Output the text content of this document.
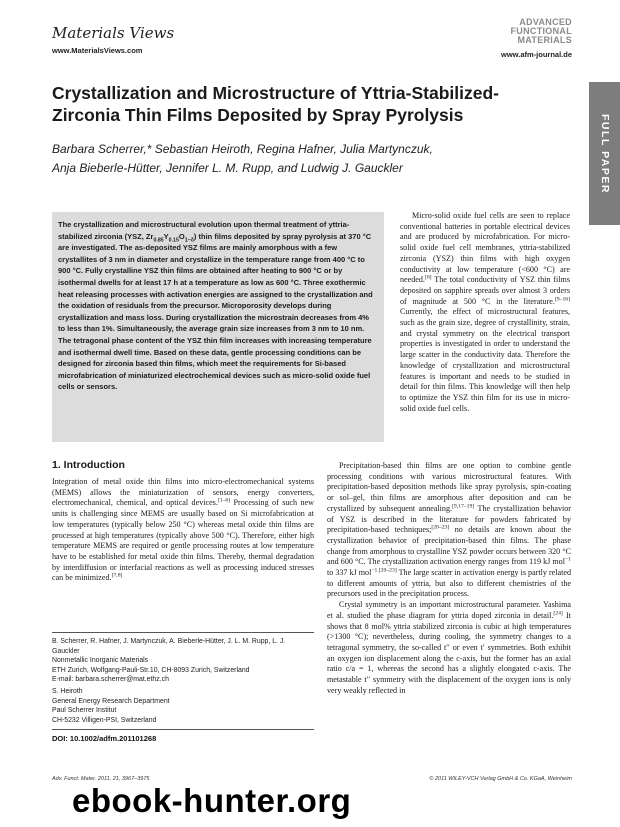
Materials Views
www.MaterialsViews.com
ADVANCED
FUNCTIONAL
MATERIALS
www.afm-journal.de
FULL PAPER
Crystallization and Microstructure of Yttria-Stabilized-Zirconia Thin Films Deposited by Spray Pyrolysis
Barbara Scherrer,* Sebastian Heiroth, Regina Hafner, Julia Martynczuk,
Anja Bieberle-Hütter, Jennifer L. M. Rupp, and Ludwig J. Gauckler
The crystallization and microstructural evolution upon thermal treatment of yttria-stabilized zirconia (YSZ, $Zr_{0.85}Y_{0.15}O_{1-\delta}$) thin films deposited by spray pyrolysis at 370 °C are investigated. The as-deposited YSZ films are mainly amorphous with a few crystallites of 3 nm in diameter and crystallize in the temperature range from 400 °C to 900 °C. Fully crystalline YSZ thin films are obtained after heating to 900 °C or by isothermal dwells for at least 17 h at a temperature as low as 600 °C. Three exothermic heat releasing processes with activation energies are assigned to the crystallization and the oxidation of residuals from the precursor. Microporosity develops during crystallization and mass loss. During crystallization the microstrain decreases from 4% to less than 1%. Simultaneously, the average grain size increases from 3 nm to 10 nm. The tetragonal phase content of the YSZ thin film increases with increasing temperature and isothermal dwell time. Based on these data, gentle processing conditions can be designed for zirconia based thin films, which meet the requirements for Si-based microfabrication of miniaturized electrochemical devices such as micro-solid oxide fuel cells or sensors.

Micro-solid oxide fuel cells are seen to replace conventional batteries in portable electrical devices and are produced by microfabrication. For micro-solid oxide fuel cell membranes, yttria-stabilized zirconia (YSZ) thin films with high oxygen conductivity at low temperature (<600 °C) are needed.[6] The total conductivity of YSZ thin films deposited on sapphire spreads over almost 3 orders of magnitude at 500 °C in the literature.[9–16] Currently, the effect of microstructural features, such as the grain size, degree of crystallinity, strain, and crystal symmetry on the electrical transport properties is investigated in order to understand the large scatter in the conductivity data. Therefore the knowledge of crystallization and microstructural features is important and needs to be studied in detail for thin films. This knowledge will then help to optimize the YSZ thin film for its use in micro-solid oxide fuel cells.

1. Introduction

Integration of metal oxide thin films into micro-electromechanical systems (MEMS) allows the miniaturization of sensors, energy converters, electromechanical, chemical, and optical devices.[1–6] Processing of such new units is challenging since MEMS are usually based on Si microfabrication at low temperatures (typically below 250 °C) whereas metal oxide thin films are processed at high temperatures (typically above 500 °C). Therefore, either high temperature MEMS are required or gentle processing routes at low temperature have to be established for metal oxide thin films. Thereby, thermal degradation by interdiffusion or interfacial reactions as well as processing induced stresses can be minimized.[7,8]

Precipitation-based thin films are one option to combine gentle processing conditions with various microstructural features. With precipitation-based deposition methods like spray pyrolysis, spin-coating or sol–gel, thin films are amorphous after deposition and can be crystallized by subsequent annealing.[9,17–19] The crystallization behavior of YSZ is described in the literature for powders fabricated by precipitation-based techniques;[20–23] no details are known about the crystallization behavior of precipitation-based thin films. The phase change from amorphous to crystalline YSZ powder occurs between 320 °C and 600 °C. The crystallization activation energy ranges from 119 kJ mol$^{-1}$ to 337 kJ mol$^{-1.[20-23]}$ The large scatter in activation energy is partly related to different amounts of yttria, but also to different chemistries of the precursors used in the precipitation process.

Crystal symmetry is an important microstructural parameter. Yashima et al. studied the phase diagram for yttria doped zirconia in detail.[24] It shows that 8 mol% yttria stabilized zirconia is cubic at high temperatures (>1300 °C); nevertheless, during cooling, the symmetry changes to a tetragonal symmetry, the so-called t′′ or even t′ symmetries. Both exhibit an oxygen ion displacement along the c-axis, but the former has an axial ratio c/a = 1, whereas the second has a slightly elongated c-axis. The metastable t′′ symmetry with the displacement of the oxygen ions is only very weakly reflected in

B. Scherrer, R. Hafner, J. Martynczuk, A. Bieberle-Hütter, J. L. M. Rupp, L. J. Gauckler
Nonmetallic Inorganic Materials
ETH Zurich, Wolfgang-Pauli-Str.10, CH-8093 Zurich, Switzerland
E-mail: barbara.scherrer@mat.ethz.ch

S. Heiroth
General Energy Research Department
Paul Scherrer Institut
CH-5232 Villigen-PSI, Switzerland

DOI: 10.1002/adfm.201101268
Adv. Funct. Mater. 2011, 21, 3967–3975	© 2011 WILEY-VCH Verlag GmbH & Co. KGaA, Weinheim
ebook-hunter.org
